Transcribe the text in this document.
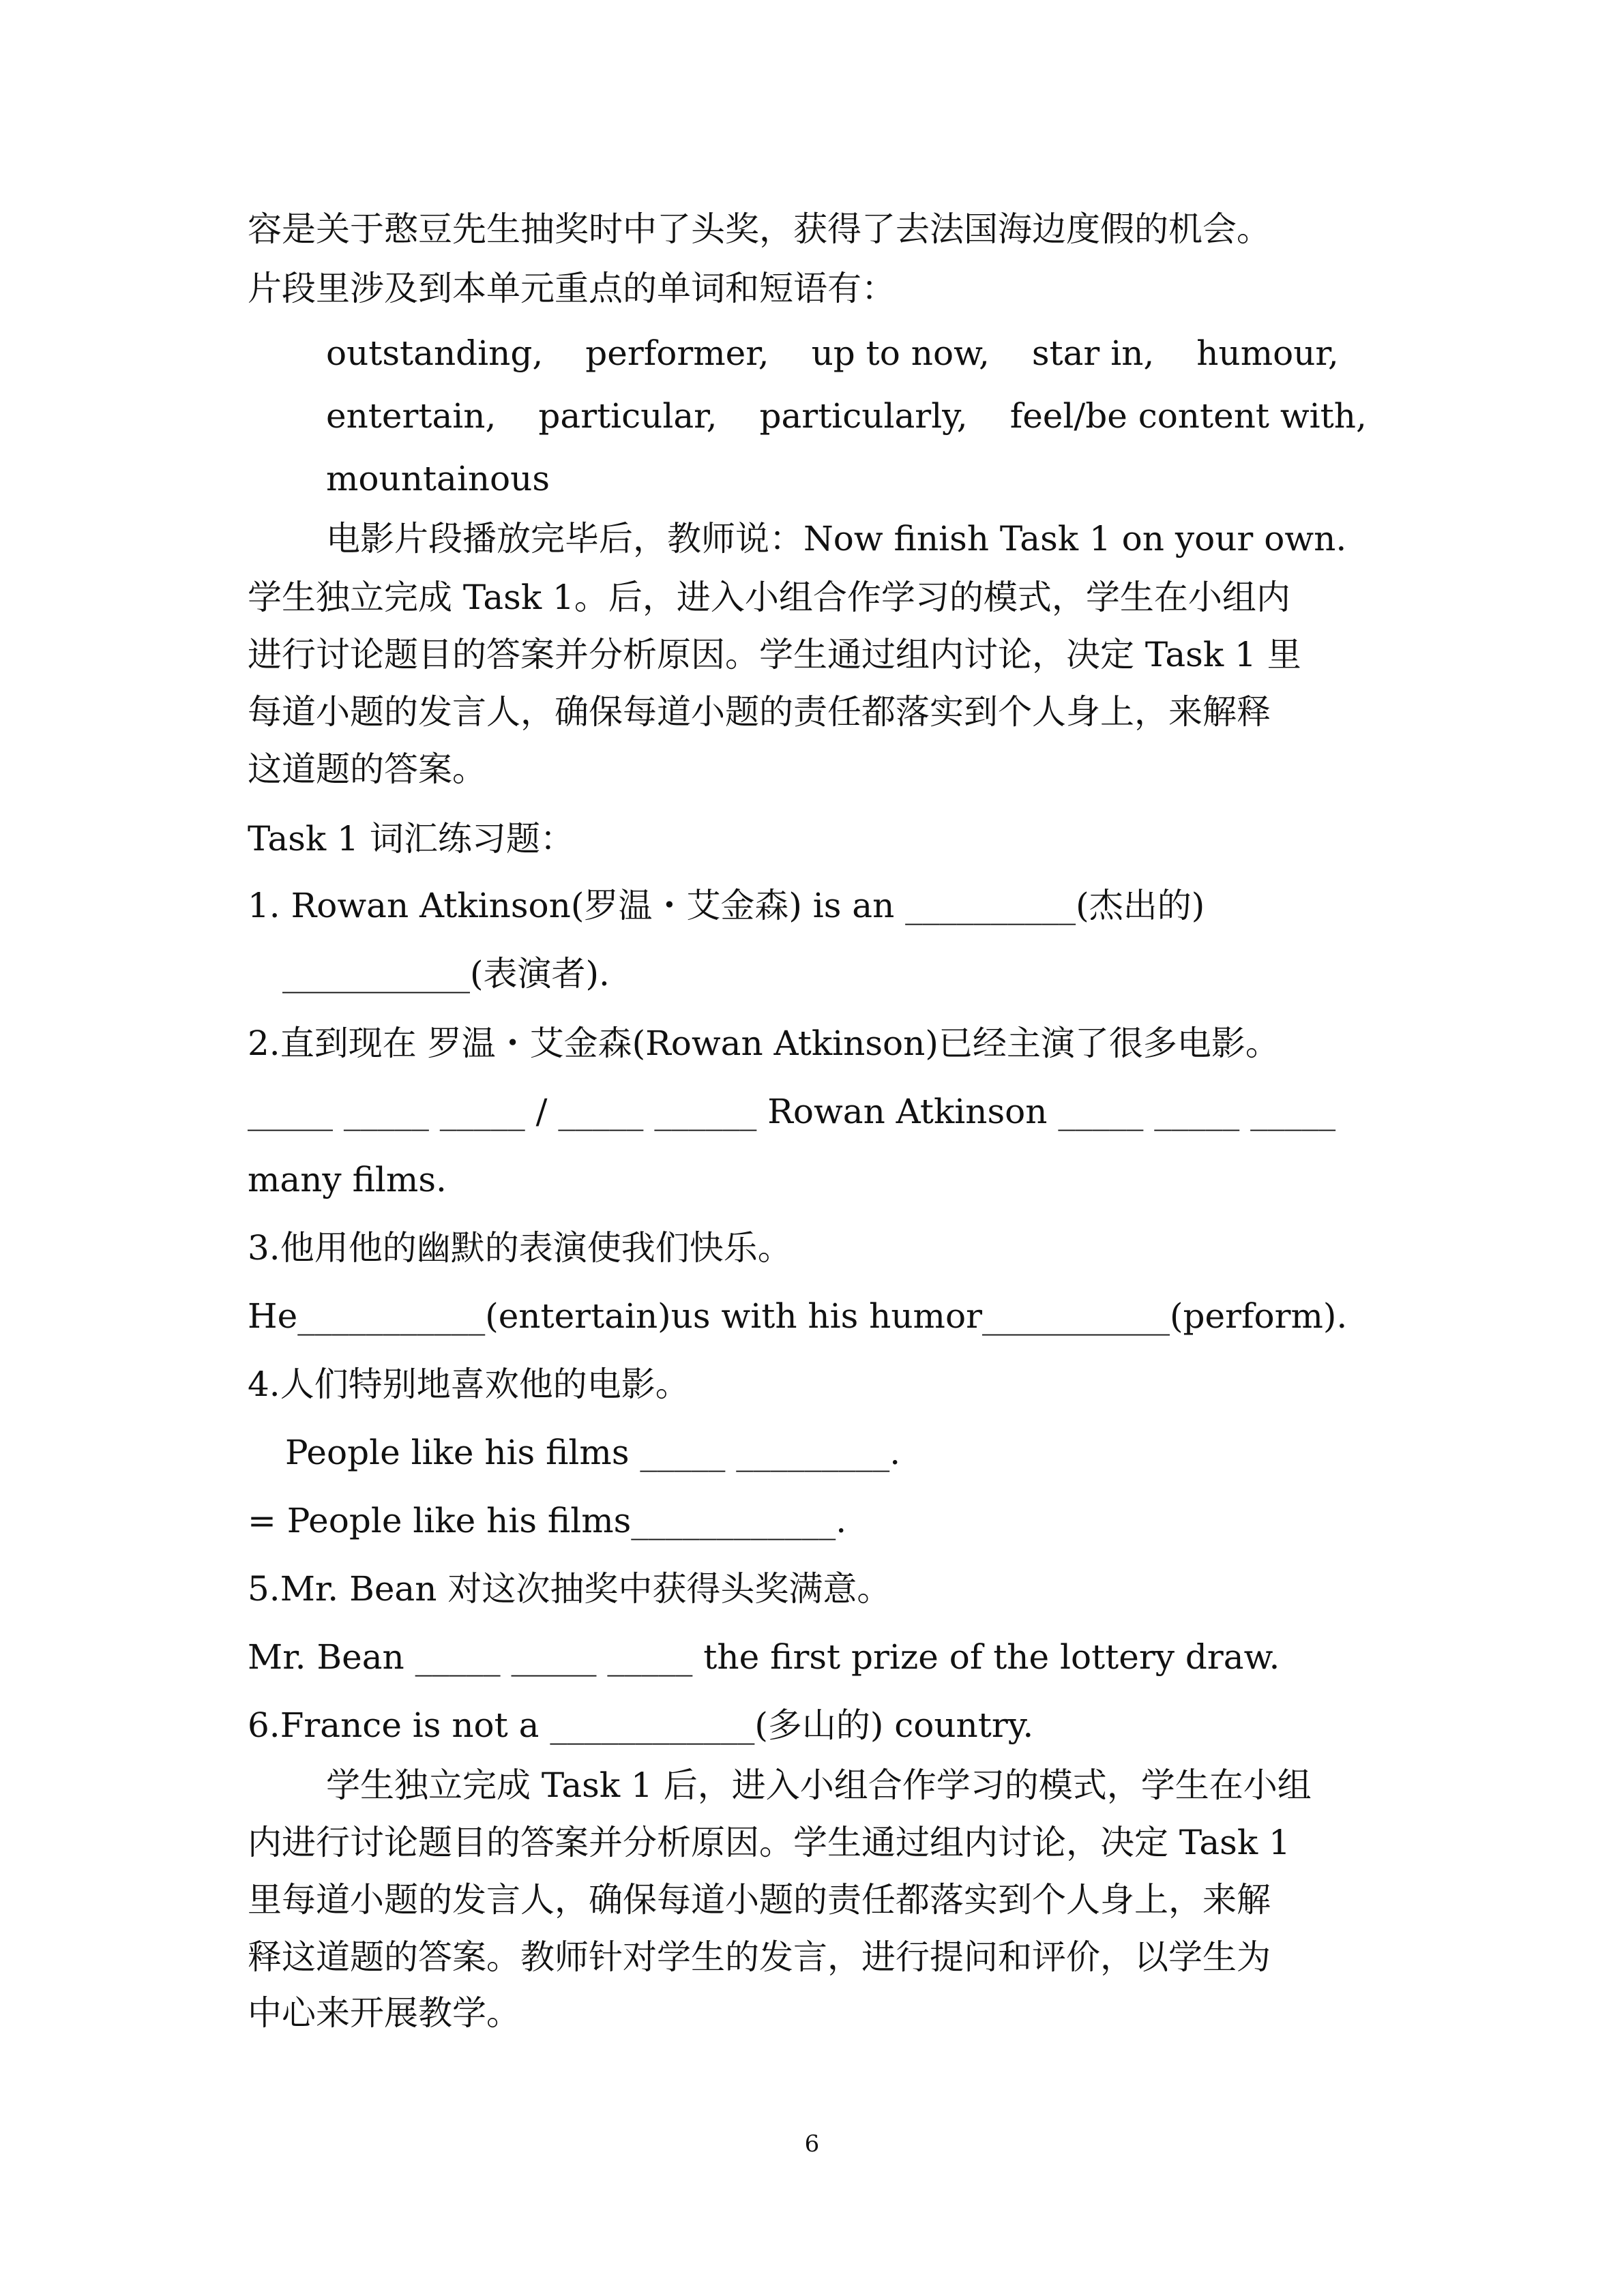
容是关于憨豆先生抽奖时中了头奖，获得了去法国海边度假的机会。
片段里涉及到本单元重点的单词和短语有：
outstanding, performer, up to now, star in, humour,
entertain, particular, particularly, feel/be content with,
mountainous
电影片段播放完毕后，教师说：Now finish Task 1 on your own.
学生独立完成 Task 1。后，进入小组合作学习的模式，学生在小组内
进行讨论题目的答案并分析原因。学生通过组内讨论，决定 Task 1 里
每道小题的发言人，确保每道小题的责任都落实到个人身上，来解释
这道题的答案。
Task 1 词汇练习题：
1. Rowan Atkinson(罗温・艾金森) is an __________(杰出的)
___________(表演者).
2.直到现在 罗温・艾金森(Rowan Atkinson)已经主演了很多电影。
_____ _____ _____ / _____ ______ Rowan Atkinson _____ _____ _____
many films.
3.他用他的幽默的表演使我们快乐。
He___________(entertain)us with his humor___________(perform).
4.人们特别地喜欢他的电影。
People like his films _____ _________.
= People like his films____________.
5.Mr. Bean 对这次抽奖中获得头奖满意。
Mr. Bean _____ _____ _____ the first prize of the lottery draw.
6.France is not a ____________(多山的) country.
学生独立完成 Task 1 后，进入小组合作学习的模式，学生在小组
内进行讨论题目的答案并分析原因。学生通过组内讨论，决定 Task 1
里每道小题的发言人，确保每道小题的责任都落实到个人身上，来解
释这道题的答案。教师针对学生的发言，进行提问和评价，以学生为
中心来开展教学。
6
